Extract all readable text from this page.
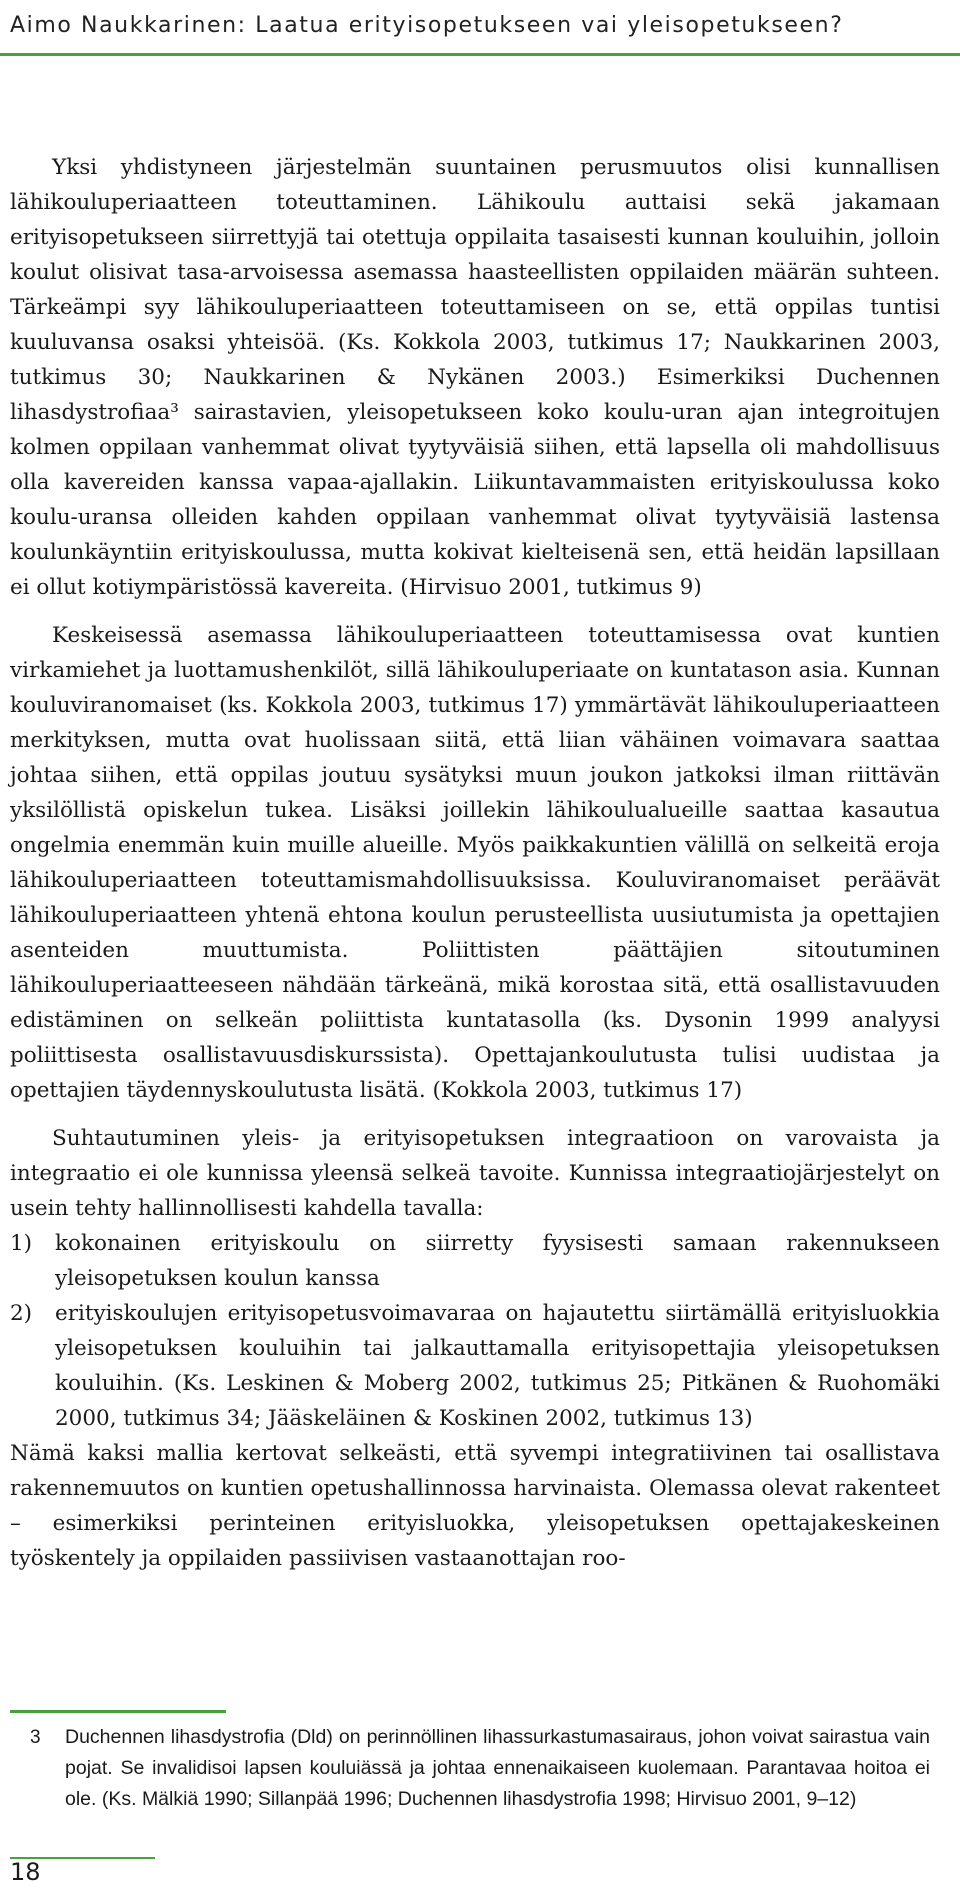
Aimo Naukkarinen: Laatua erityisopetukseen vai yleisopetukseen?

Yksi yhdistyneen järjestelmän suuntainen perusmuutos olisi kunnallisen lähikouluperiaatteen toteuttaminen. Lähikoulu auttaisi sekä jakamaan erityisopetukseen siirrettyjä tai otettuja oppilaita tasaisesti kunnan kouluihin, jolloin koulut olisivat tasa-arvoisessa asemassa haasteellisten oppilaiden määrän suhteen. Tärkeämpi syy lähikouluperiaatteen toteuttamiseen on se, että oppilas tuntisi kuuluvansa osaksi yhteisöä. (Ks. Kokkola 2003, tutkimus 17; Naukkarinen 2003, tutkimus 30; Naukkarinen & Nykänen 2003.) Esimerkiksi Duchennen lihasdystrofiaa³ sairastavien, yleisopetukseen koko koulu-uran ajan integroitujen kolmen oppilaan vanhemmat olivat tyytyväisiä siihen, että lapsella oli mahdollisuus olla kavereiden kanssa vapaa-ajallakin. Liikuntavammaisten erityiskoulussa koko koulu-uransa olleiden kahden oppilaan vanhemmat olivat tyytyväisiä lastensa koulunkäyntiin erityiskoulussa, mutta kokivat kielteisenä sen, että heidän lapsillaan ei ollut kotiympäristössä kavereita. (Hirvisuo 2001, tutkimus 9)

Keskeisessä asemassa lähikouluperiaatteen toteuttamisessa ovat kuntien virkamiehet ja luottamushenkilöt, sillä lähikouluperiaate on kuntatason asia. Kunnan kouluviranomaiset (ks. Kokkola 2003, tutkimus 17) ymmärtävät lähikouluperiaatteen merkityksen, mutta ovat huolissaan siitä, että liian vähäinen voimavara saattaa johtaa siihen, että oppilas joutuu sysätyksi muun joukon jatkoksi ilman riittävän yksilöllistä opiskelun tukea. Lisäksi joillekin lähikoulualueille saattaa kasautua ongelmia enemmän kuin muille alueille. Myös paikkakuntien välillä on selkeitä eroja lähikouluperiaatteen toteuttamismahdollisuuksissa. Kouluviranomaiset peräävät lähikouluperiaatteen yhtenä ehtona koulun perusteellista uusiutumista ja opettajien asenteiden muuttumista. Poliittisten päättäjien sitoutuminen lähikouluperiaatteeseen nähdään tärkeänä, mikä korostaa sitä, että osallistavuuden edistäminen on selkeän poliittista kuntatasolla (ks. Dysonin 1999 analyysi poliittisesta osallistavuusdiskurssista). Opettajankoulutusta tulisi uudistaa ja opettajien täydennyskoulutusta lisätä. (Kokkola 2003, tutkimus 17)

Suhtautuminen yleis- ja erityisopetuksen integraatioon on varovaista ja integraatio ei ole kunnissa yleensä selkeä tavoite. Kunnissa integraatiojärjestelyt on usein tehty hallinnollisesti kahdella tavalla:

1) kokonainen erityiskoulu on siirretty fyysisesti samaan rakennukseen yleisopetuksen koulun kanssa
2) erityiskoulujen erityisopetusvoimavaraa on hajautettu siirtämällä erityisluokkia yleisopetuksen kouluihin tai jalkauttamalla erityisopettajia yleisopetuksen kouluihin. (Ks. Leskinen & Moberg 2002, tutkimus 25; Pitkänen & Ruohomäki 2000, tutkimus 34; Jääskeläinen & Koskinen 2002, tutkimus 13)

Nämä kaksi mallia kertovat selkeästi, että syvempi integratiivinen tai osallistava rakennemuutos on kuntien opetushallinnossa harvinaista. Olemassa olevat rakenteet – esimerkiksi perinteinen erityisluokka, yleisopetuksen opettajakeskeinen työskentely ja oppilaiden passiivisen vastaanottajan roo-

3 Duchennen lihasdystrofia (Dld) on perinnöllinen lihassurkastumasairaus, johon voivat sairastua vain pojat. Se invalidisoi lapsen kouluiässä ja johtaa ennenaikaiseen kuolemaan. Parantavaa hoitoa ei ole. (Ks. Mälkiä 1990; Sillanpää 1996; Duchennen lihasdystrofia 1998; Hirvisuo 2001, 9–12)
18
